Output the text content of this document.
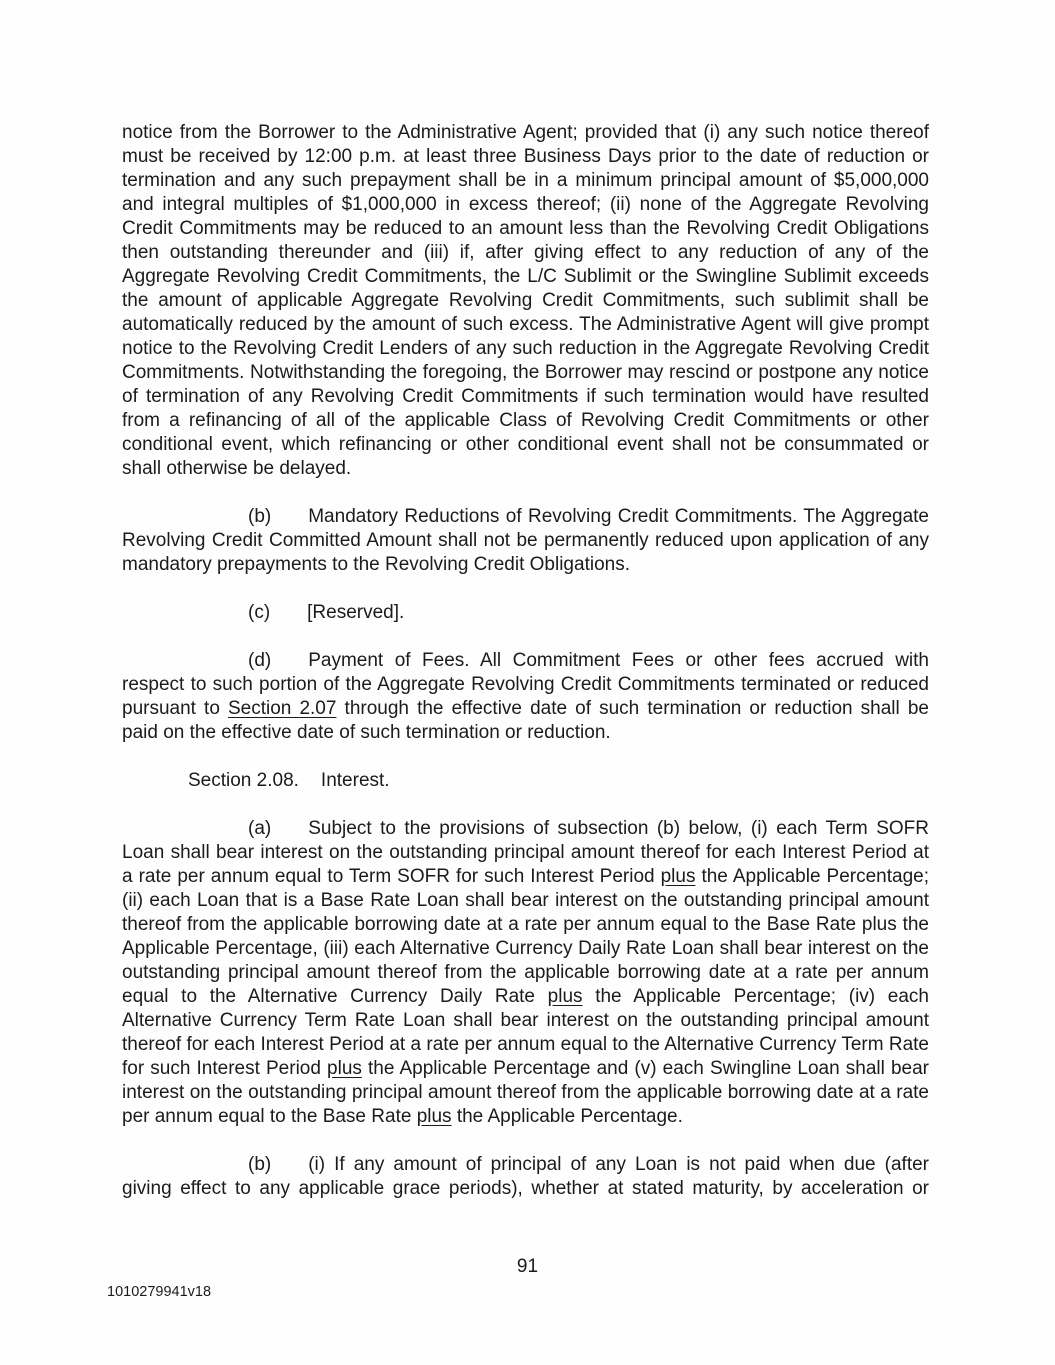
notice from the Borrower to the Administrative Agent; provided that (i) any such notice thereof must be received by 12:00 p.m. at least three Business Days prior to the date of reduction or termination and any such prepayment shall be in a minimum principal amount of $5,000,000 and integral multiples of $1,000,000 in excess thereof; (ii) none of the Aggregate Revolving Credit Commitments may be reduced to an amount less than the Revolving Credit Obligations then outstanding thereunder and (iii) if, after giving effect to any reduction of any of the Aggregate Revolving Credit Commitments, the L/C Sublimit or the Swingline Sublimit exceeds the amount of applicable Aggregate Revolving Credit Commitments, such sublimit shall be automatically reduced by the amount of such excess. The Administrative Agent will give prompt notice to the Revolving Credit Lenders of any such reduction in the Aggregate Revolving Credit Commitments. Notwithstanding the foregoing, the Borrower may rescind or postpone any notice of termination of any Revolving Credit Commitments if such termination would have resulted from a refinancing of all of the applicable Class of Revolving Credit Commitments or other conditional event, which refinancing or other conditional event shall not be consummated or shall otherwise be delayed.

(b) Mandatory Reductions of Revolving Credit Commitments. The Aggregate Revolving Credit Committed Amount shall not be permanently reduced upon application of any mandatory prepayments to the Revolving Credit Obligations.

(c) [Reserved].

(d) Payment of Fees. All Commitment Fees or other fees accrued with respect to such portion of the Aggregate Revolving Credit Commitments terminated or reduced pursuant to Section 2.07 through the effective date of such termination or reduction shall be paid on the effective date of such termination or reduction.

Section 2.08. Interest.

(a) Subject to the provisions of subsection (b) below, (i) each Term SOFR Loan shall bear interest on the outstanding principal amount thereof for each Interest Period at a rate per annum equal to Term SOFR for such Interest Period plus the Applicable Percentage; (ii) each Loan that is a Base Rate Loan shall bear interest on the outstanding principal amount thereof from the applicable borrowing date at a rate per annum equal to the Base Rate plus the Applicable Percentage, (iii) each Alternative Currency Daily Rate Loan shall bear interest on the outstanding principal amount thereof from the applicable borrowing date at a rate per annum equal to the Alternative Currency Daily Rate plus the Applicable Percentage; (iv) each Alternative Currency Term Rate Loan shall bear interest on the outstanding principal amount thereof for each Interest Period at a rate per annum equal to the Alternative Currency Term Rate for such Interest Period plus the Applicable Percentage and (v) each Swingline Loan shall bear interest on the outstanding principal amount thereof from the applicable borrowing date at a rate per annum equal to the Base Rate plus the Applicable Percentage.

(b) (i) If any amount of principal of any Loan is not paid when due (after giving effect to any applicable grace periods), whether at stated maturity, by acceleration or

91
1010279941v18
